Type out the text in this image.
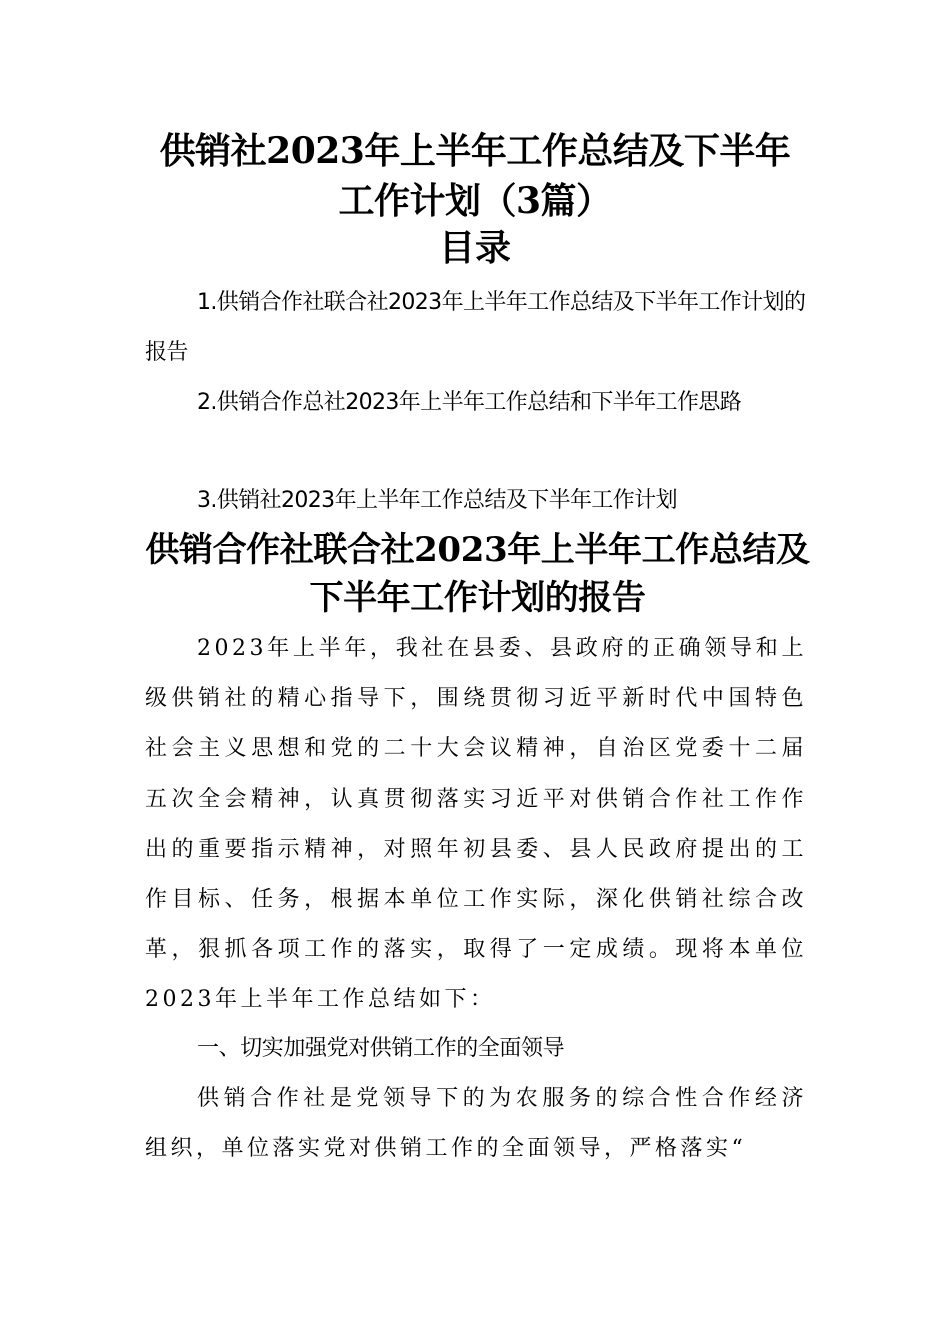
供销社2023年上半年工作总结及下半年工作计划（3篇）
目录
1.供销合作社联合社2023年上半年工作总结及下半年工作计划的报告
2.供销合作总社2023年上半年工作总结和下半年工作思路
3.供销社2023年上半年工作总结及下半年工作计划
供销合作社联合社2023年上半年工作总结及下半年工作计划的报告
2023年上半年，我社在县委、县政府的正确领导和上级供销社的精心指导下，围绕贯彻习近平新时代中国特色社会主义思想和党的二十大会议精神，自治区党委十二届五次全会精神，认真贯彻落实习近平对供销合作社工作作出的重要指示精神，对照年初县委、县人民政府提出的工作目标、任务，根据本单位工作实际，深化供销社综合改革，狠抓各项工作的落实，取得了一定成绩。现将本单位2023年上半年工作总结如下：
一、切实加强党对供销工作的全面领导
供销合作社是党领导下的为农服务的综合性合作经济组织，单位落实党对供销工作的全面领导，严格落实“
